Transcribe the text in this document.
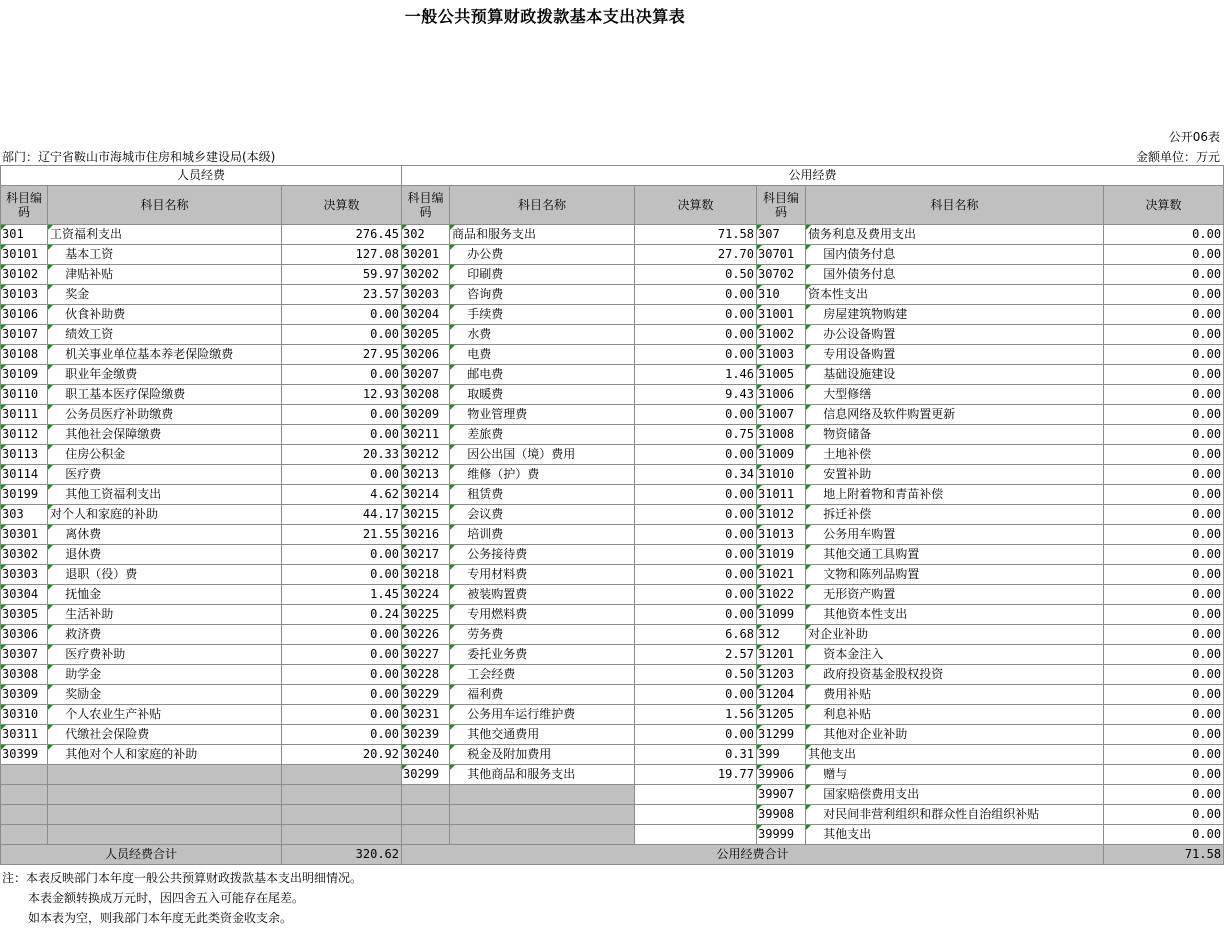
一般公共预算财政拨款基本支出决算表
公开06表
部门：辽宁省鞍山市海城市住房和城乡建设局(本级)	金额单位：万元
人员经费			公用经费					
科目编码	科目名称	决算数	科目编码	科目名称	决算数	科目编码	科目名称	决算数
301	工资福利支出	276.45	302	商品和服务支出	71.58	307	债务利息及费用支出	0.00
30101	基本工资	127.08	30201	办公费	27.70	30701	国内债务付息	0.00
30102	津贴补贴	59.97	30202	印刷费	0.50	30702	国外债务付息	0.00
30103	奖金	23.57	30203	咨询费	0.00	310	资本性支出	0.00
30106	伙食补助费	0.00	30204	手续费	0.00	31001	房屋建筑物购建	0.00
30107	绩效工资	0.00	30205	水费	0.00	31002	办公设备购置	0.00
30108	机关事业单位基本养老保险缴费	27.95	30206	电费	0.00	31003	专用设备购置	0.00
30109	职业年金缴费	0.00	30207	邮电费	1.46	31005	基础设施建设	0.00
30110	职工基本医疗保险缴费	12.93	30208	取暖费	9.43	31006	大型修缮	0.00
30111	公务员医疗补助缴费	0.00	30209	物业管理费	0.00	31007	信息网络及软件购置更新	0.00
30112	其他社会保障缴费	0.00	30211	差旅费	0.75	31008	物资储备	0.00
30113	住房公积金	20.33	30212	因公出国（境）费用	0.00	31009	土地补偿	0.00
30114	医疗费	0.00	30213	维修（护）费	0.34	31010	安置补助	0.00
30199	其他工资福利支出	4.62	30214	租赁费	0.00	31011	地上附着物和青苗补偿	0.00
303	对个人和家庭的补助	44.17	30215	会议费	0.00	31012	拆迁补偿	0.00
30301	离休费	21.55	30216	培训费	0.00	31013	公务用车购置	0.00
30302	退休费	0.00	30217	公务接待费	0.00	31019	其他交通工具购置	0.00
30303	退职（役）费	0.00	30218	专用材料费	0.00	31021	文物和陈列品购置	0.00
30304	抚恤金	1.45	30224	被装购置费	0.00	31022	无形资产购置	0.00
30305	生活补助	0.24	30225	专用燃料费	0.00	31099	其他资本性支出	0.00
30306	救济费	0.00	30226	劳务费	6.68	312	对企业补助	0.00
30307	医疗费补助	0.00	30227	委托业务费	2.57	31201	资本金注入	0.00
30308	助学金	0.00	30228	工会经费	0.50	31203	政府投资基金股权投资	0.00
30309	奖励金	0.00	30229	福利费	0.00	31204	费用补贴	0.00
30310	个人农业生产补贴	0.00	30231	公务用车运行维护费	1.56	31205	利息补贴	0.00
30311	代缴社会保险费	0.00	30239	其他交通费用	0.00	31299	其他对企业补助	0.00
30399	其他对个人和家庭的补助	20.92	30240	税金及附加费用	0.31	399	其他支出	0.00
			30299	其他商品和服务支出	19.77	39906	赠与	0.00
						39907	国家赔偿费用支出	0.00
						39908	对民间非营利组织和群众性自治组织补贴	0.00
						39999	其他支出	0.00
人员经费合计		320.62	公用经费合计					71.58
注：本表反映部门本年度一般公共预算财政拨款基本支出明细情况。
本表金额转换成万元时，因四舍五入可能存在尾差。
如本表为空，则我部门本年度无此类资金收支余。
